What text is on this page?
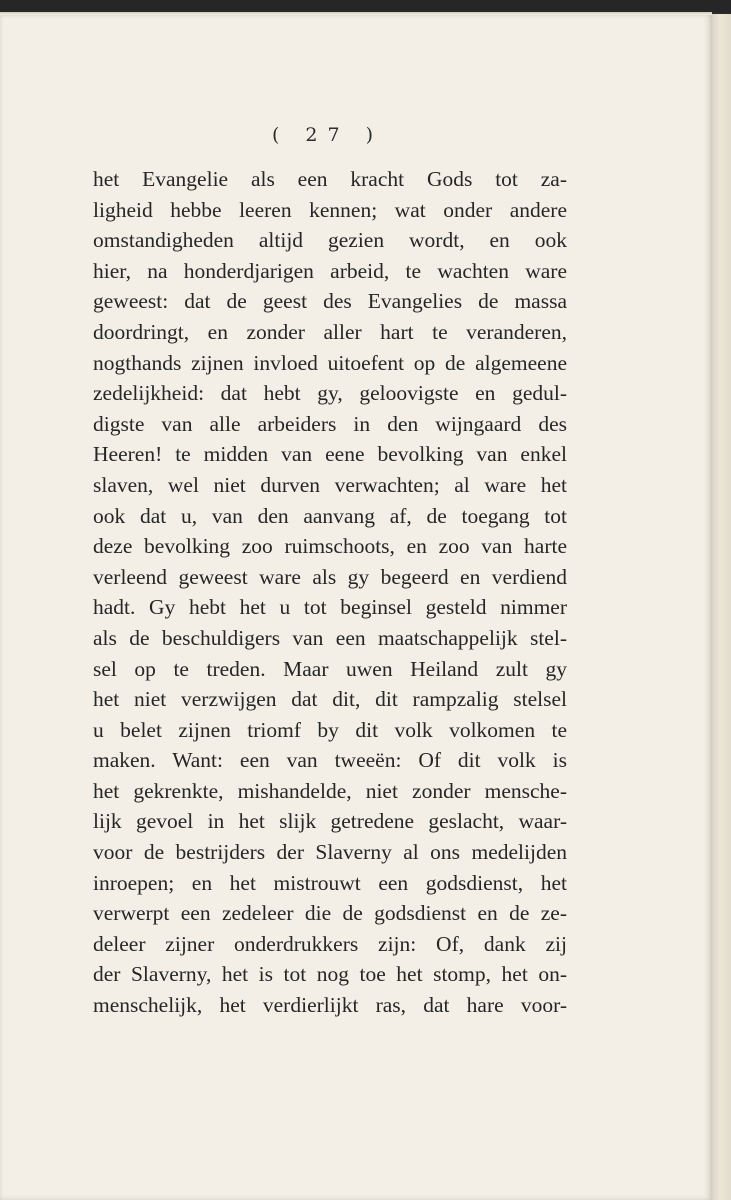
( 27 )
het Evangelie als een kracht Gods tot za-
ligheid hebbe leeren kennen; wat onder andere
omstandigheden altijd gezien wordt, en ook
hier, na honderdjarigen arbeid, te wachten ware
geweest: dat de geest des Evangelies de massa
doordringt, en zonder aller hart te veranderen,
nogthands zijnen invloed uitoefent op de algemeene
zedelijkheid: dat hebt gy, geloovigste en gedul-
digste van alle arbeiders in den wijngaard des
Heeren! te midden van eene bevolking van enkel
slaven, wel niet durven verwachten; al ware het
ook dat u, van den aanvang af, de toegang tot
deze bevolking zoo ruimschoots, en zoo van harte
verleend geweest ware als gy begeerd en verdiend
hadt. Gy hebt het u tot beginsel gesteld nimmer
als de beschuldigers van een maatschappelijk stel-
sel op te treden. Maar uwen Heiland zult gy
het niet verzwijgen dat dit, dit rampzalig stelsel
u belet zijnen triomf by dit volk volkomen te
maken. Want: een van tweeën: Of dit volk is
het gekrenkte, mishandelde, niet zonder mensche-
lijk gevoel in het slijk getredene geslacht, waar-
voor de bestrijders der Slaverny al ons medelijden
inroepen; en het mistrouwt een godsdienst, het
verwerpt een zedeleer die de godsdienst en de ze-
deleer zijner onderdrukkers zijn: Of, dank zij
der Slaverny, het is tot nog toe het stomp, het on-
menschelijk, het verdierlijkt ras, dat hare voor-
